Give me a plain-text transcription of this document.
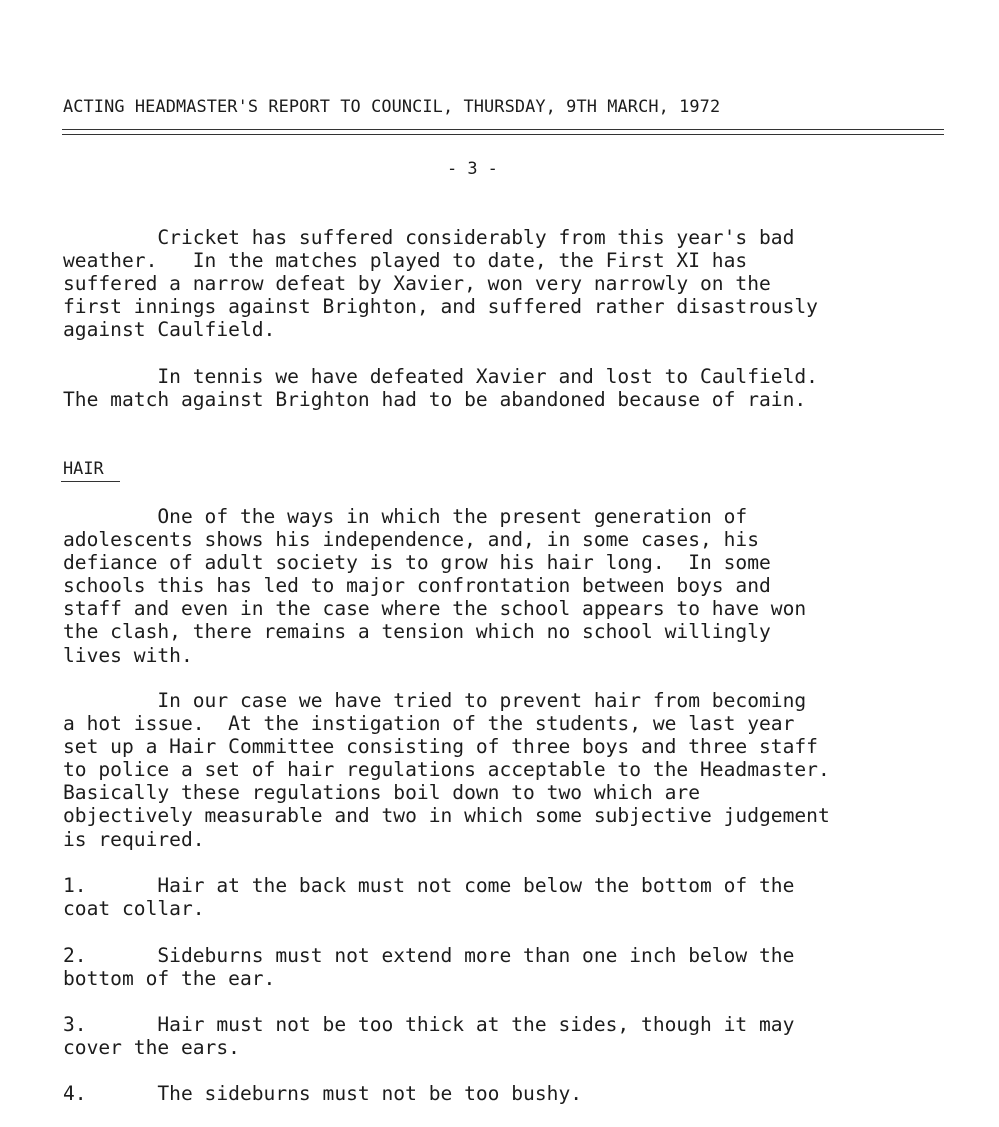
ACTING HEADMASTER'S REPORT TO COUNCIL, THURSDAY, 9TH MARCH, 1972
- 3 -
Cricket has suffered considerably from this year's bad
weather.   In the matches played to date, the First XI has
suffered a narrow defeat by Xavier, won very narrowly on the
first innings against Brighton, and suffered rather disastrously
against Caulfield.
In tennis we have defeated Xavier and lost to Caulfield.
The match against Brighton had to be abandoned because of rain.
HAIR
One of the ways in which the present generation of
adolescents shows his independence, and, in some cases, his
defiance of adult society is to grow his hair long.  In some
schools this has led to major confrontation between boys and
staff and even in the case where the school appears to have won
the clash, there remains a tension which no school willingly
lives with.
In our case we have tried to prevent hair from becoming
a hot issue.  At the instigation of the students, we last year
set up a Hair Committee consisting of three boys and three staff
to police a set of hair regulations acceptable to the Headmaster.
Basically these regulations boil down to two which are
objectively measurable and two in which some subjective judgement
is required.
1.      Hair at the back must not come below the bottom of the
coat collar.
2.      Sideburns must not extend more than one inch below the
bottom of the ear.
3.      Hair must not be too thick at the sides, though it may
cover the ears.
4.      The sideburns must not be too bushy.
